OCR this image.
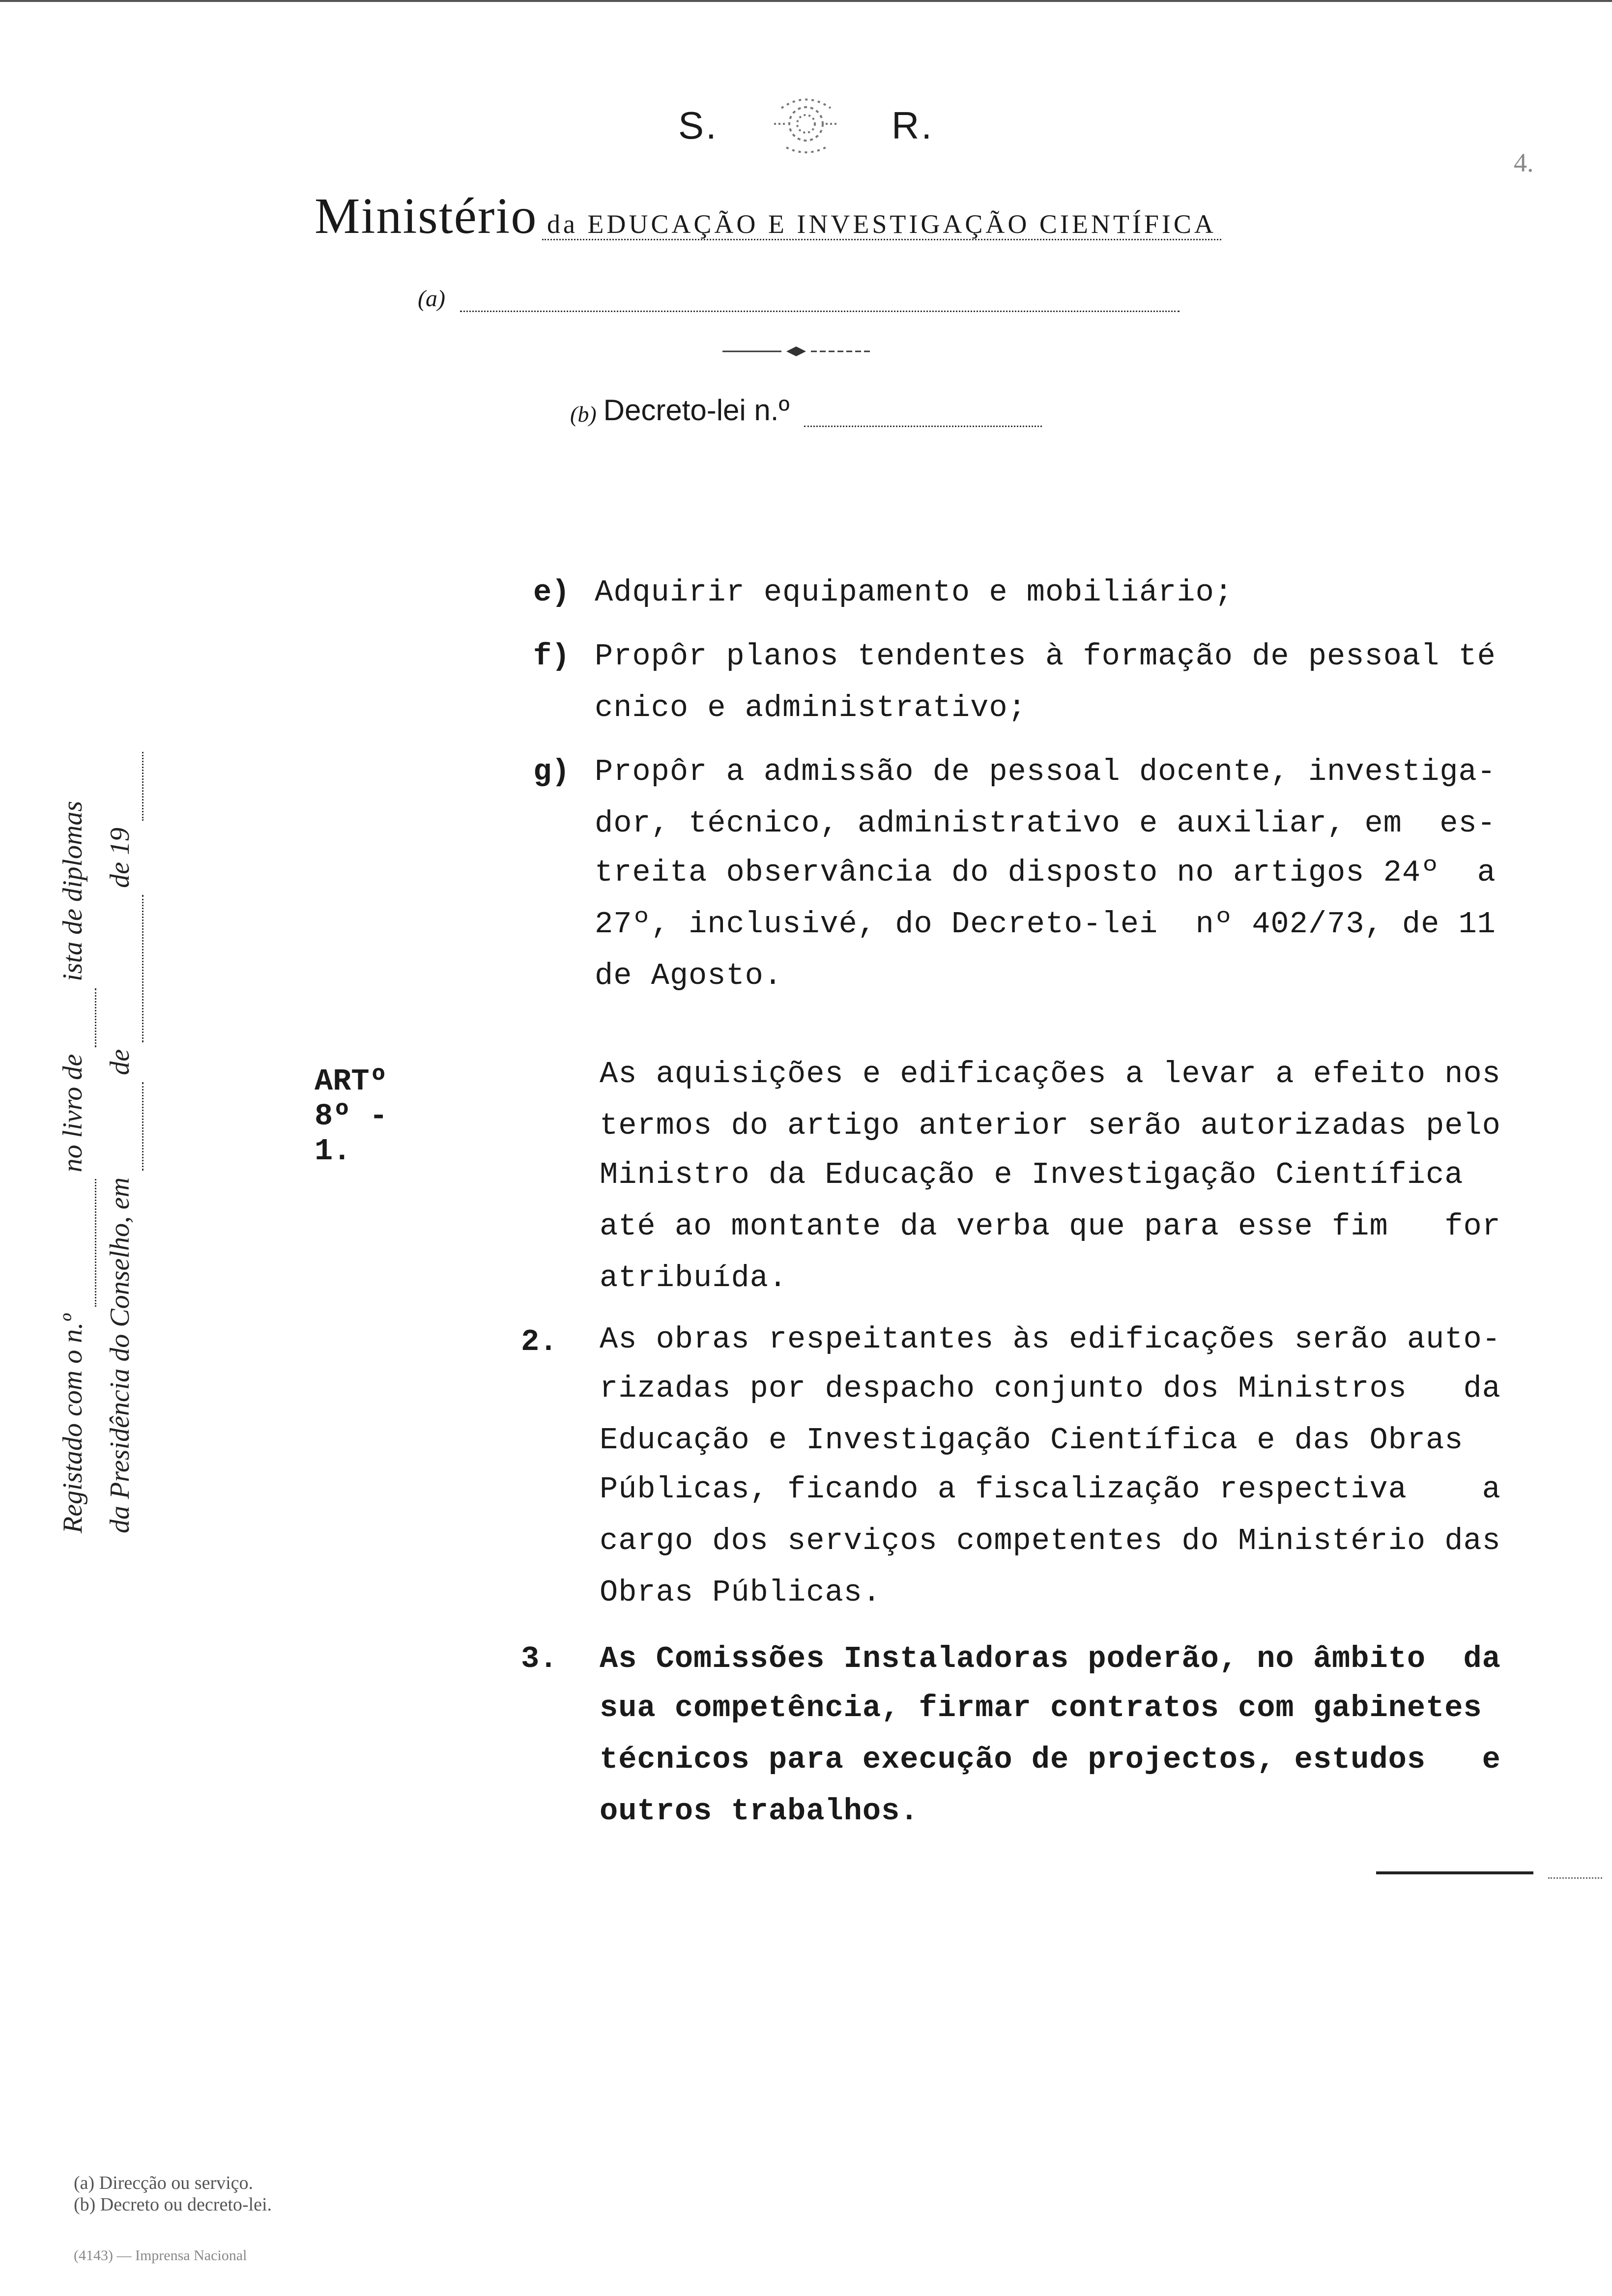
S.	R.
4.
Ministério da EDUCAÇÃO E INVESTIGAÇÃO CIENTÍFICA
(a)
(b) Decreto-lei n.º
Registado com o n.º
no livro de
ista de diplomas
da Presidência do Conselho, em
de
de 19
e) Adquirir equipamento e mobiliário;
f) Propôr planos tendentes à formação de pessoal té
cnico e administrativo;
g) Propôr a admissão de pessoal docente, investiga-
dor, técnico, administrativo e auxiliar, em  es-
treita observância do disposto no artigos 24º  a
27º, inclusivé, do Decreto-lei  nº 402/73, de 11
de Agosto.
ARTº 8º - 1.
As aquisições e edificações a levar a efeito nos
termos do artigo anterior serão autorizadas pelo
Ministro da Educação e Investigação Científica
até ao montante da verba que para esse fim   for
atribuída.
2. As obras respeitantes às edificações serão auto-
rizadas por despacho conjunto dos Ministros   da
Educação e Investigação Científica e das Obras
Públicas, ficando a fiscalização respectiva    a
cargo dos serviços competentes do Ministério das
Obras Públicas.
3. As Comissões Instaladoras poderão, no âmbito  da
sua competência, firmar contratos com gabinetes
técnicos para execução de projectos, estudos   e
outros trabalhos.
(a) Direcção ou serviço.
(b) Decreto ou decreto-lei.
(4143) — Imprensa Nacional
